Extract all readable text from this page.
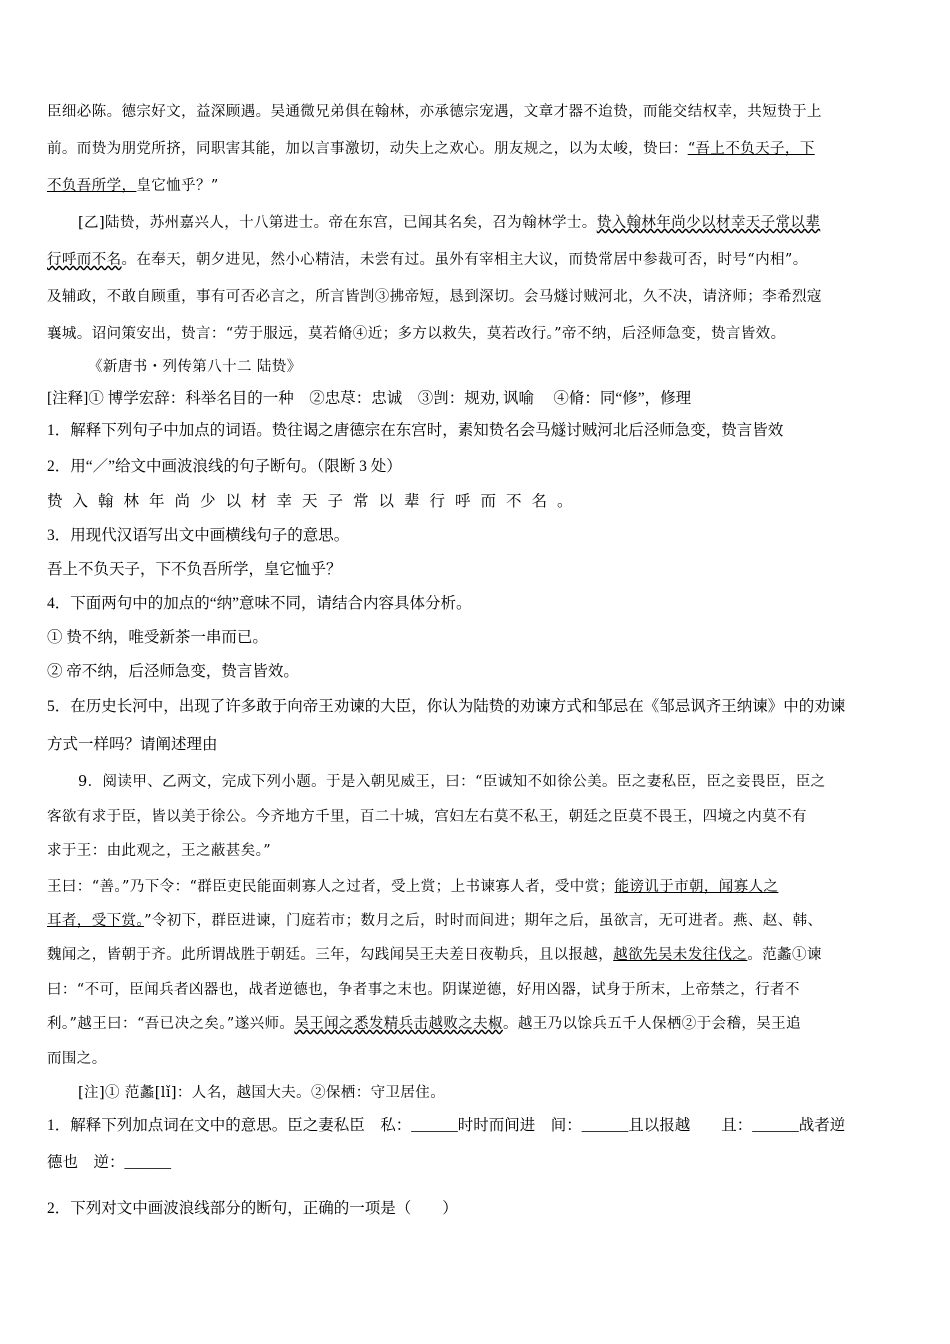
臣细必陈。德宗好文，益深顾遇。吴通微兄弟俱在翰林，亦承德宗宠遇，文章才器不迨贽，而能交结权幸，共短贽于上
前。而贽为朋党所挤，同职害其能，加以言事激切，动失上之欢心。朋友规之，以为太峻，贽曰：“吾上不负天子，下
不负吾所学，皇它恤乎？”
[乙]陆贽，苏州嘉兴人，十八第进士。帝在东宫，已闻其名矣，召为翰林学士。贽入翰林年尚少以材幸天子常以辈
行呼而不名。在奉天，朝夕进见，然小心精洁，未尝有过。虽外有宰相主大议，而贽常居中参裁可否，时号“内相”。
及辅政，不敢自顾重，事有可否必言之，所言皆剀③拂帝短，恳到深切。会马燧讨贼河北，久不决，请济师；李希烈寇
襄城。诏问策安出，贽言：“劳于服远，莫若脩④近；多方以救失，莫若改行。”帝不纳，后泾师急变，贽言皆效。
《新唐书・列传第八十二 陆贽》
[注释]① 博学宏辞：科举名目的一种　②忠荩：忠诚　③剀：规劝, 讽喻　 ④脩：同“修”，修理
1．解释下列句子中加点的词语。贽往谒之唐德宗在东宫时，素知贽名会马燧讨贼河北后泾师急变，贽言皆效
2．用“／”给文中画波浪线的句子断句。（限断 3 处）
贽入翰林年尚少以材幸天子常以辈行呼而不名。
3．用现代汉语写出文中画横线句子的意思。
吾上不负天子，下不负吾所学，皇它恤乎？
4．下面两句中的加点的“纳”意味不同，请结合内容具体分析。
① 贽不纳，唯受新茶一串而已。
② 帝不纳，后泾师急变，贽言皆效。
5．在历史长河中，出现了许多敢于向帝王劝谏的大臣，你认为陆贽的劝谏方式和邹忌在《邹忌讽齐王纳谏》中的劝谏
方式一样吗？请阐述理由
9．阅读甲、乙两文，完成下列小题。于是入朝见威王，曰：“臣诚知不如徐公美。臣之妻私臣，臣之妾畏臣，臣之
客欲有求于臣，皆以美于徐公。今齐地方千里，百二十城，宫妇左右莫不私王，朝廷之臣莫不畏王，四境之内莫不有
求于王：由此观之，王之蔽甚矣。”
王曰：“善。”乃下令：“群臣吏民能面刺寡人之过者，受上赏；上书谏寡人者，受中赏；能谤讥于市朝，闻寡人之
耳者，受下赏。”令初下，群臣进谏，门庭若市；数月之后，时时而间进；期年之后，虽欲言，无可进者。燕、赵、韩、
魏闻之，皆朝于齐。此所谓战胜于朝廷。三年，勾践闻吴王夫差日夜勒兵，且以报越，越欲先吴未发往伐之。范蠡①谏
曰：“不可，臣闻兵者凶器也，战者逆德也，争者事之末也。阴谋逆德，好用凶器，试身于所末，上帝禁之，行者不
利。”越王曰：“吾已决之矣。”遂兴师。吴王闻之悉发精兵击越败之夫椒。越王乃以馀兵五千人保栖②于会稽，吴王追
而围之。
[注]① 范蠡[lǐ]：人名，越国大夫。②保栖：守卫居住。
1．解释下列加点词在文中的意思。臣之妻私臣　私：______时时而间进　间：______且以报越　　且：______战者逆
德也　逆：______
2．下列对文中画波浪线部分的断句，正确的一项是（　　）
